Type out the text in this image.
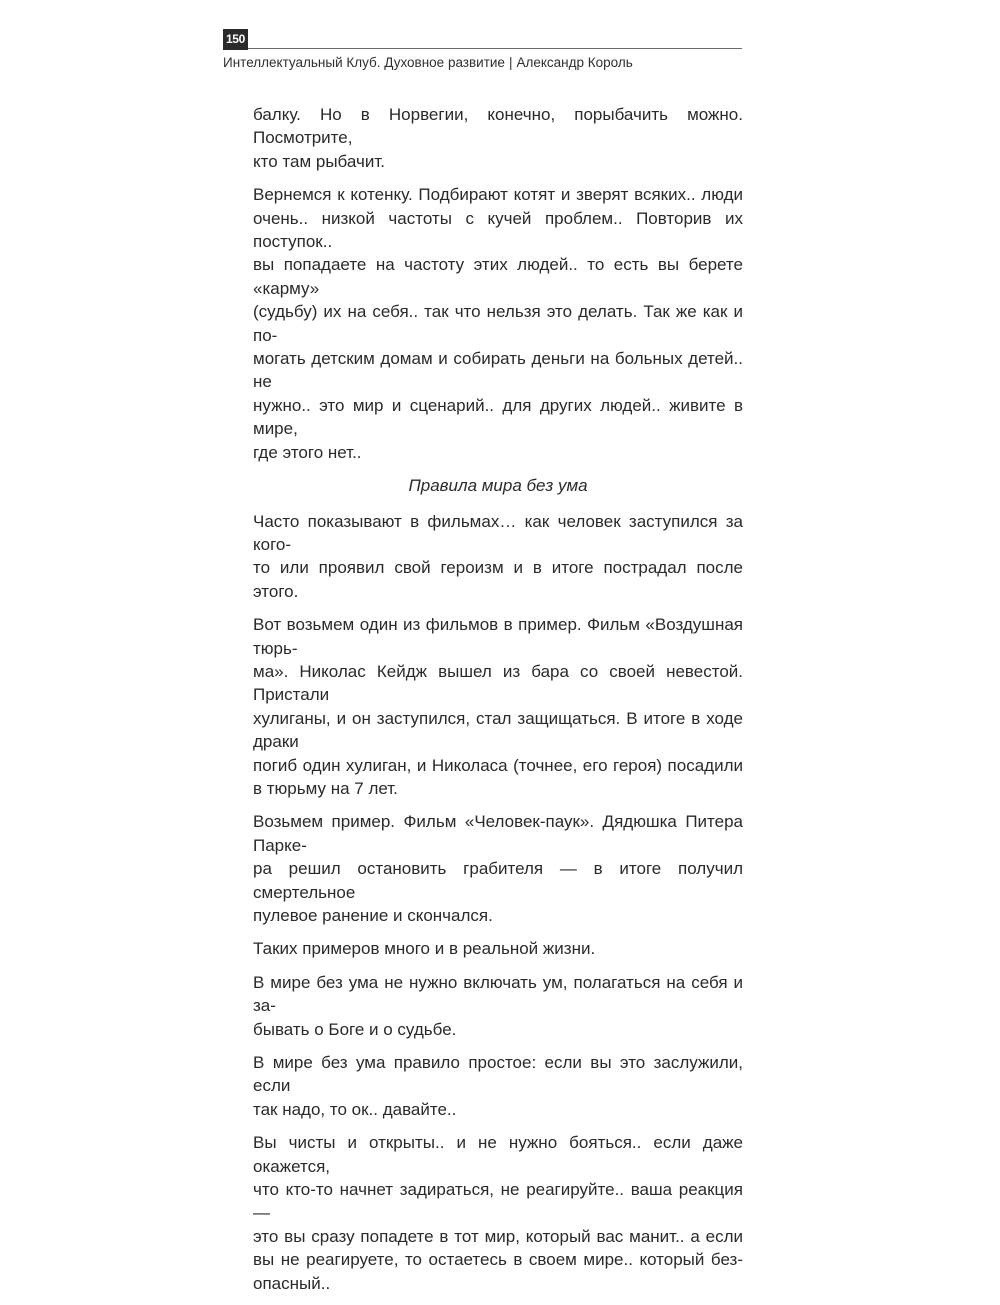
150
Интеллектуальный Клуб. Духовное развитие | Александр Король

балку. Но в Норвегии, конечно, порыбачить можно. Посмотрите,
кто там рыбачит.

Вернемся к котенку. Подбирают котят и зверят всяких.. люди
очень.. низкой частоты с кучей проблем.. Повторив их поступок..
вы попадаете на частоту этих людей.. то есть вы берете «карму»
(судьбу) их на себя.. так что нельзя это делать. Так же как и по-
могать детским домам и собирать деньги на больных детей.. не
нужно.. это мир и сценарий.. для других людей.. живите в мире,
где этого нет..

Правила мира без ума

Часто показывают в фильмах… как человек заступился за кого-
то или проявил свой героизм и в итоге пострадал после этого.

Вот возьмем один из фильмов в пример. Фильм «Воздушная тюрь-
ма». Николас Кейдж вышел из бара со своей невестой. Пристали
хулиганы, и он заступился, стал защищаться. В итоге в ходе драки
погиб один хулиган, и Николаса (точнее, его героя) посадили
в тюрьму на 7 лет.

Возьмем пример. Фильм «Человек-паук». Дядюшка Питера Парке-
ра решил остановить грабителя — в итоге получил смертельное
пулевое ранение и скончался.

Таких примеров много и в реальной жизни.

В мире без ума не нужно включать ум, полагаться на себя и за-
бывать о Боге и о судьбе.

В мире без ума правило простое: если вы это заслужили, если
так надо, то ок.. давайте..

Вы чисты и открыты.. и не нужно бояться.. если даже окажется,
что кто-то начнет задираться, не реагируйте.. ваша реакция —
это вы сразу попадете в тот мир, который вас манит.. а если
вы не реагируете, то остаетесь в своем мире.. который без-
опасный..
